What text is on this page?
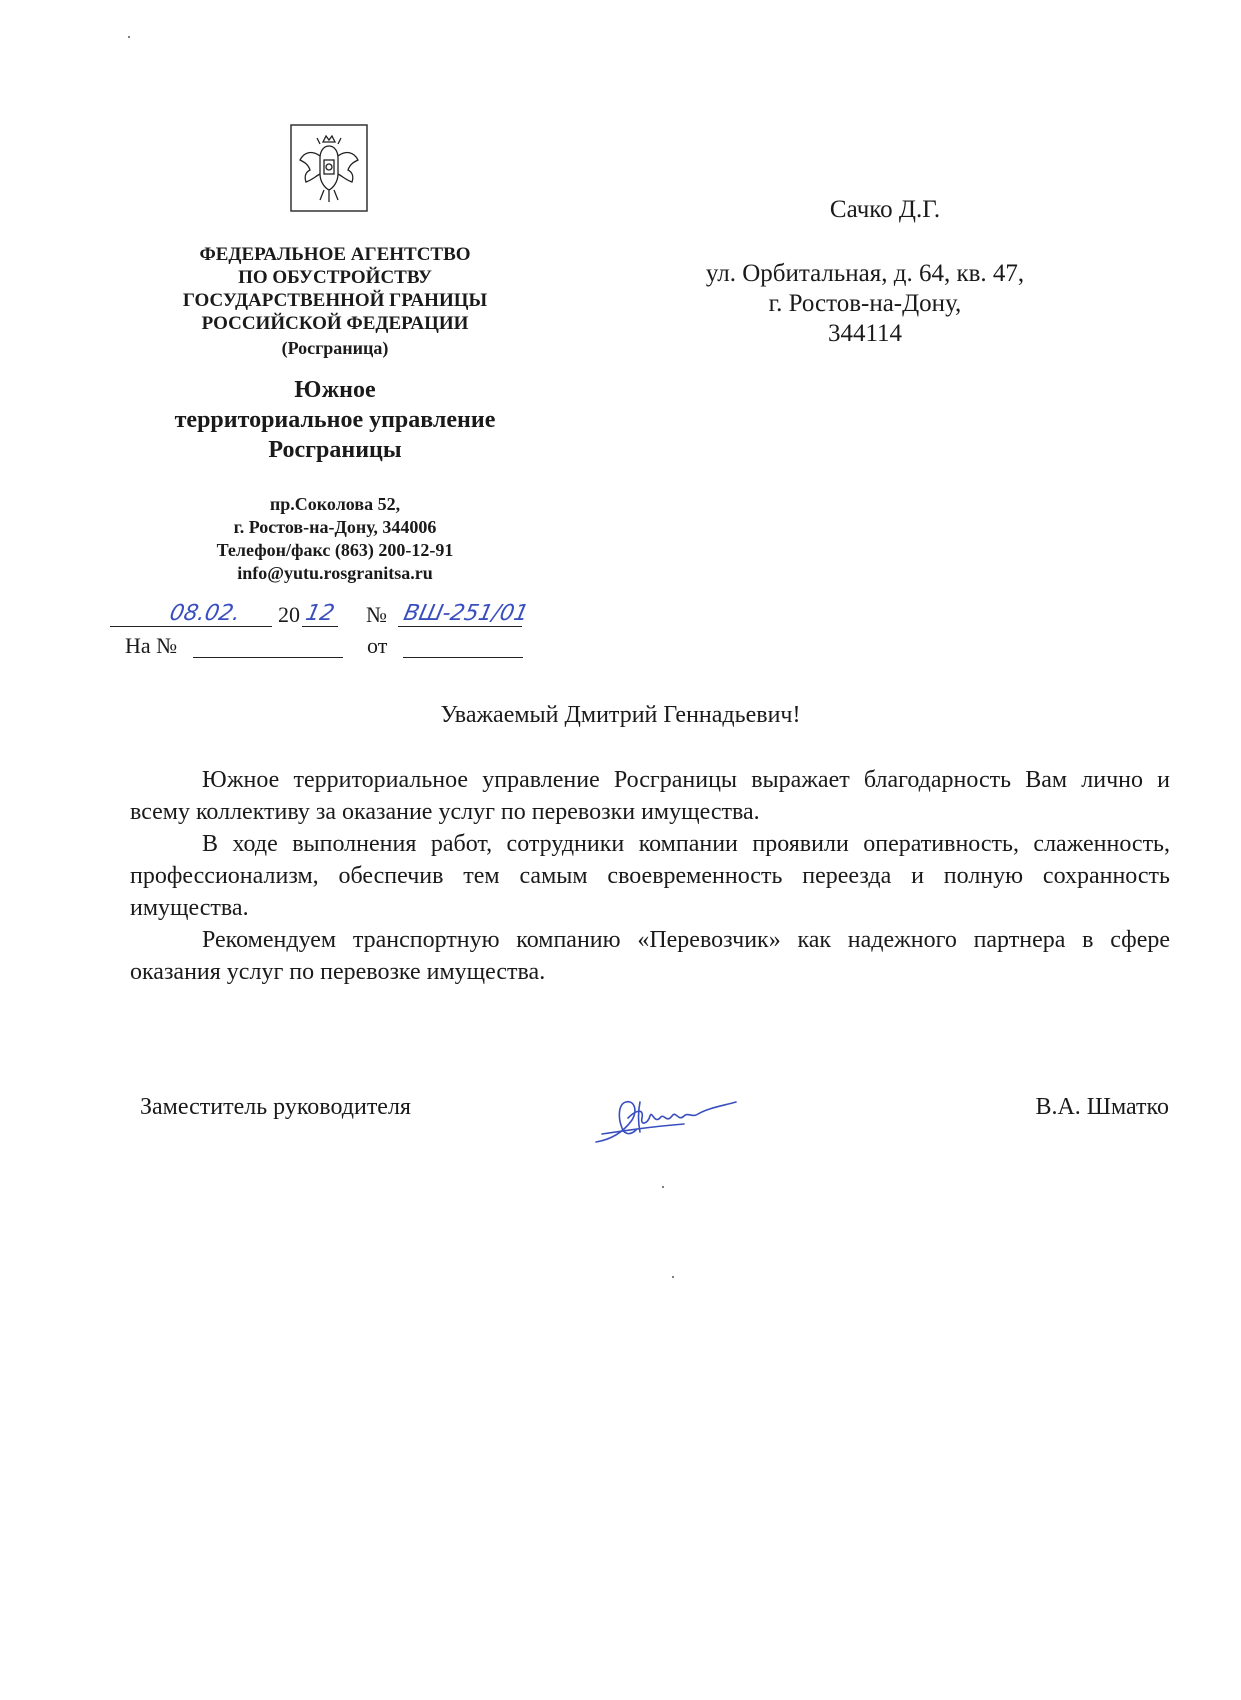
ФЕДЕРАЛЬНОЕ АГЕНТСТВО
ПО ОБУСТРОЙСТВУ
ГОСУДАРСТВЕННОЙ ГРАНИЦЫ
РОССИЙСКОЙ ФЕДЕРАЦИИ
(Росграница)
Южное
территориальное управление
Росграницы
пр.Соколова 52,
г. Ростов-на-Дону, 344006
Телефон/факс (863) 200-12-91
info@yutu.rosgranitsa.ru
08.02. 20 12 № ВШ-251/01
На №	от
Сачко Д.Г.
ул. Орбитальная, д. 64, кв. 47,
г. Ростов-на-Дону,
344114
Уважаемый Дмитрий Геннадьевич!

Южное территориальное управление Росграницы выражает благодарность Вам лично и всему коллективу за оказание услуг по перевозки имущества.

В ходе выполнения работ, сотрудники компании проявили оперативность, слаженность, профессионализм, обеспечив тем самым своевременность переезда и полную сохранность имущества.

Рекомендуем транспортную компанию «Перевозчик» как надежного партнера в сфере оказания услуг по перевозке имущества.

Заместитель руководителя	В.А. Шматко
